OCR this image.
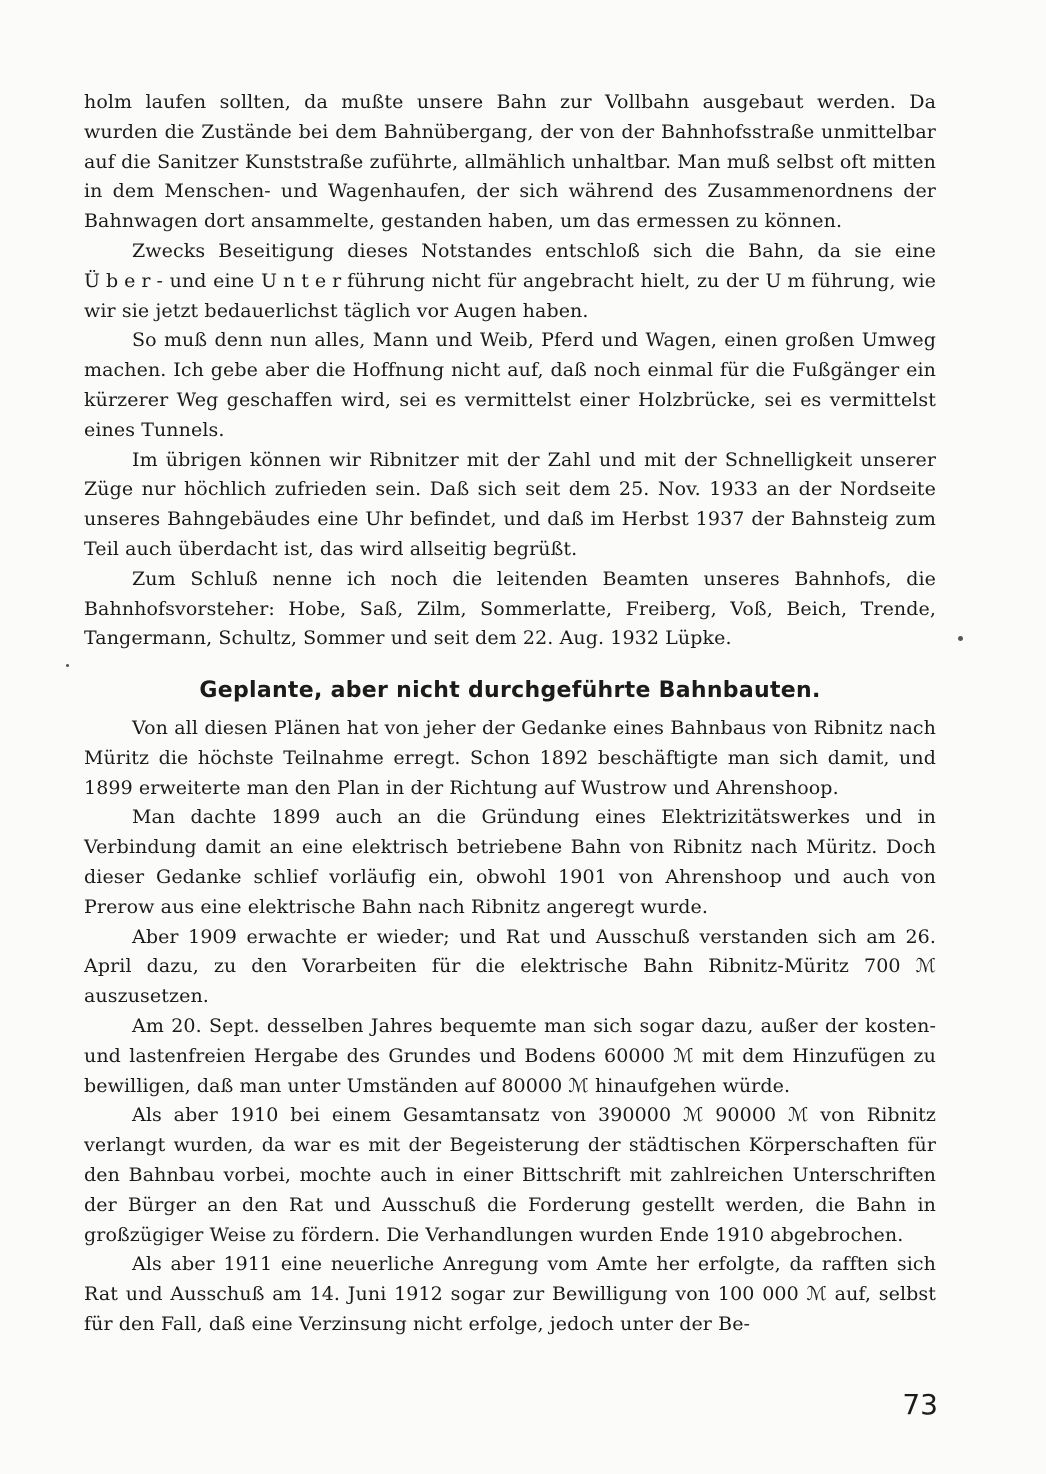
holm laufen sollten, da mußte unsere Bahn zur Vollbahn ausgebaut werden. Da wurden die Zustände bei dem Bahnübergang, der von der Bahnhofsstraße unmittelbar auf die Sanitzer Kunststraße zuführte, allmählich unhaltbar. Man muß selbst oft mitten in dem Menschen- und Wagenhaufen, der sich während des Zusammenordnens der Bahnwagen dort ansammelte, gestanden haben, um das ermessen zu können.

Zwecks Beseitigung dieses Notstandes entschloß sich die Bahn, da sie eine Über- und eine Unterführung nicht für angebracht hielt, zu der Umführung, wie wir sie jetzt bedauerlichst täglich vor Augen haben.

So muß denn nun alles, Mann und Weib, Pferd und Wagen, einen großen Umweg machen. Ich gebe aber die Hoffnung nicht auf, daß noch einmal für die Fußgänger ein kürzerer Weg geschaffen wird, sei es vermittelst einer Holzbrücke, sei es vermittelst eines Tunnels.

Im übrigen können wir Ribnitzer mit der Zahl und mit der Schnelligkeit unserer Züge nur höchlich zufrieden sein. Daß sich seit dem 25. Nov. 1933 an der Nordseite unseres Bahngebäudes eine Uhr befindet, und daß im Herbst 1937 der Bahnsteig zum Teil auch überdacht ist, das wird allseitig begrüßt.

Zum Schluß nenne ich noch die leitenden Beamten unseres Bahnhofs, die Bahnhofsvorsteher: Hobe, Saß, Zilm, Sommerlatte, Freiberg, Voß, Beich, Trende, Tangermann, Schultz, Sommer und seit dem 22. Aug. 1932 Lüpke.

Geplante, aber nicht durchgeführte Bahnbauten.

Von all diesen Plänen hat von jeher der Gedanke eines Bahnbaus von Ribnitz nach Müritz die höchste Teilnahme erregt. Schon 1892 beschäftigte man sich damit, und 1899 erweiterte man den Plan in der Richtung auf Wustrow und Ahrenshoop.

Man dachte 1899 auch an die Gründung eines Elektrizitätswerkes und in Verbindung damit an eine elektrisch betriebene Bahn von Ribnitz nach Müritz. Doch dieser Gedanke schlief vorläufig ein, obwohl 1901 von Ahrenshoop und auch von Prerow aus eine elektrische Bahn nach Ribnitz angeregt wurde.

Aber 1909 erwachte er wieder; und Rat und Ausschuß verstanden sich am 26. April dazu, zu den Vorarbeiten für die elektrische Bahn Ribnitz-Müritz 700 ℳ auszusetzen.

Am 20. Sept. desselben Jahres bequemte man sich sogar dazu, außer der kosten- und lastenfreien Hergabe des Grundes und Bodens 60000 ℳ mit dem Hinzufügen zu bewilligen, daß man unter Umständen auf 80000 ℳ hinaufgehen würde.

Als aber 1910 bei einem Gesamtansatz von 390000 ℳ 90000 ℳ von Ribnitz verlangt wurden, da war es mit der Begeisterung der städtischen Körperschaften für den Bahnbau vorbei, mochte auch in einer Bittschrift mit zahlreichen Unterschriften der Bürger an den Rat und Ausschuß die Forderung gestellt werden, die Bahn in großzügiger Weise zu fördern. Die Verhandlungen wurden Ende 1910 abgebrochen.

Als aber 1911 eine neuerliche Anregung vom Amte her erfolgte, da rafften sich Rat und Ausschuß am 14. Juni 1912 sogar zur Bewilligung von 100 000 ℳ auf, selbst für den Fall, daß eine Verzinsung nicht erfolge, jedoch unter der Be-

73
